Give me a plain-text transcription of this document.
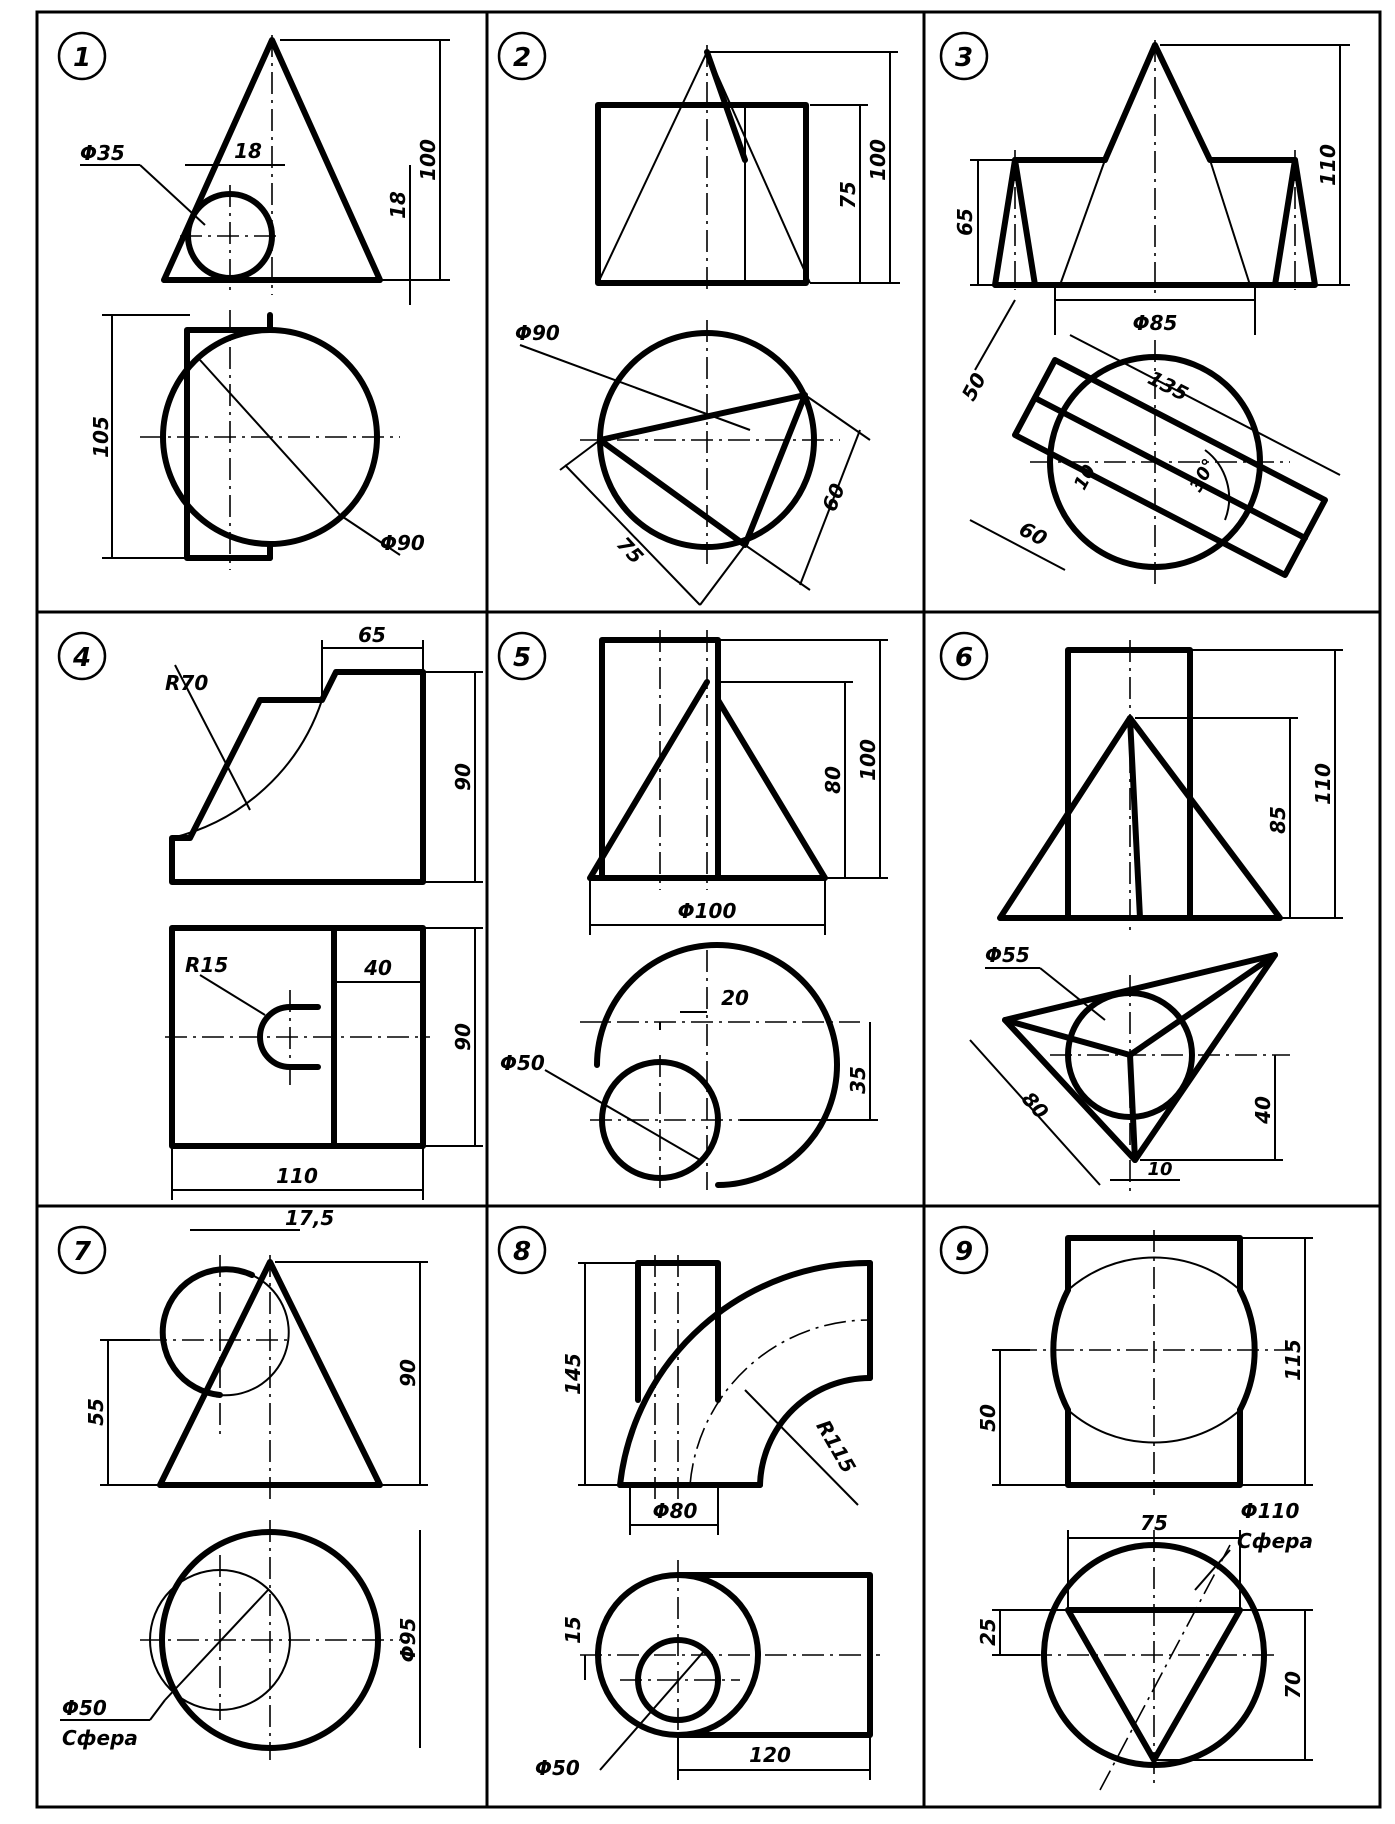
1
100
18
18
Φ35
105
Φ90
2
75
100
Φ90
60
75
3
110
65
Φ85
135
50
60
10	30°
4
R70
65
90
R15	40
90
110
5
80 100
Φ100
20
Φ50
35
6
85
110
Φ55
80	40
10
7
17,5
55
90
Φ50
Сфера
Φ95
8
R115
145
Φ80
15
Φ50
120
9
115
50
75	Φ110
Сфера
25
70
